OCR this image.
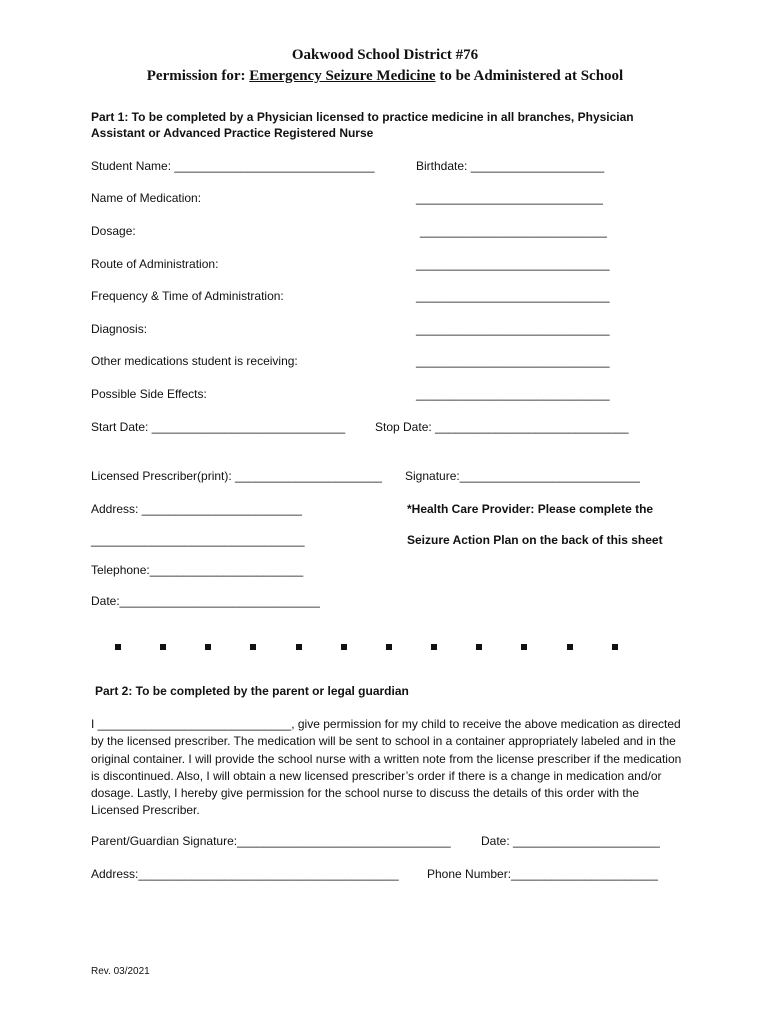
Oakwood School District #76
Permission for: Emergency Seizure Medicine to be Administered at School
Part 1: To be completed by a Physician licensed to practice medicine in all branches, Physician
Assistant or Advanced Practice Registered Nurse
Student Name: ______________________________	Birthdate: ____________________
Name of Medication:	____________________________
Dosage:	____________________________
Route of Administration:	_____________________________
Frequency & Time of Administration:	_____________________________
Diagnosis:	_____________________________
Other medications student is receiving:	_____________________________
Possible Side Effects:	_____________________________
Start Date: _____________________________ Stop Date: _____________________________
Licensed Prescriber(print): ______________________ Signature:___________________________
Address: ________________________	*Health Care Provider: Please complete the
________________________________	Seizure Action Plan on the back of this sheet
Telephone:_______________________
Date:______________________________
Part 2: To be completed by the parent or legal guardian
I _____________________________, give permission for my child to receive the above medication as directed by the licensed prescriber. The medication will be sent to school in a container appropriately labeled and in the original container. I will provide the school nurse with a written note from the license prescriber if the medication is discontinued. Also, I will obtain a new licensed prescriber’s order if there is a change in medication and/or dosage. Lastly, I hereby give permission for the school nurse to discuss the details of this order with the Licensed Prescriber.
Parent/Guardian Signature:________________________________	Date: ______________________
Address:_______________________________________ Phone Number:______________________
Rev. 03/2021
